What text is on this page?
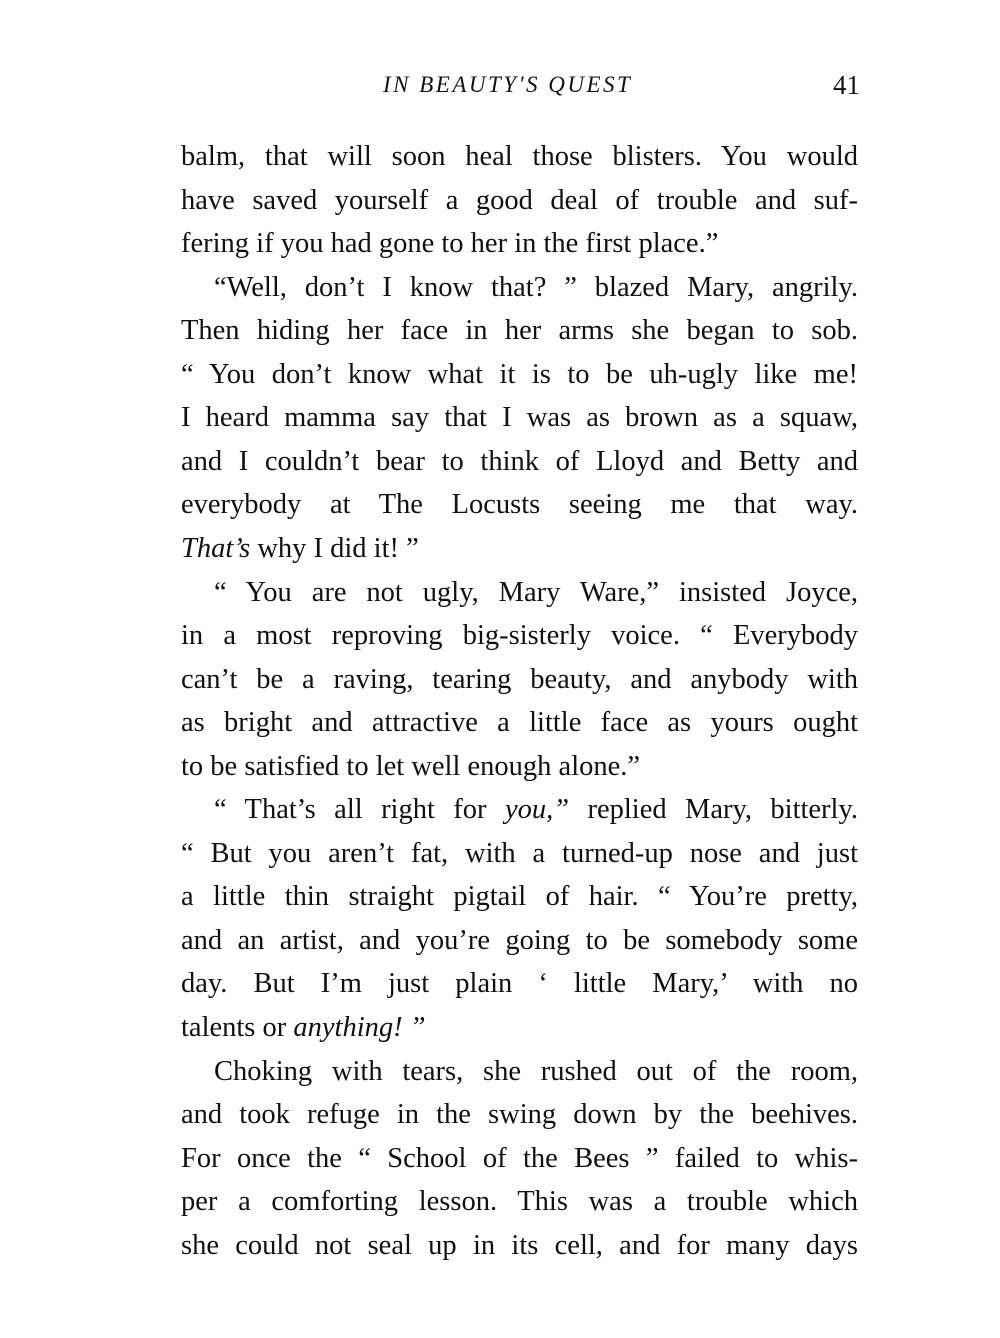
IN BEAUTY'S QUEST	41
balm, that will soon heal those blisters. You would
have saved yourself a good deal of trouble and suf-
fering if you had gone to her in the first place.”
“Well, don’t I know that? ” blazed Mary, angrily.
Then hiding her face in her arms she began to sob.
“ You don’t know what it is to be uh-ugly like me!
I heard mamma say that I was as brown as a squaw,
and I couldn’t bear to think of Lloyd and Betty and
everybody at The Locusts seeing me that way.
That’s why I did it! ”
“ You are not ugly, Mary Ware,” insisted Joyce,
in a most reproving big-sisterly voice. “ Everybody
can’t be a raving, tearing beauty, and anybody with
as bright and attractive a little face as yours ought
to be satisfied to let well enough alone.”
“ That’s all right for you,” replied Mary, bitterly.
“ But you aren’t fat, with a turned-up nose and just
a little thin straight pigtail of hair. “ You’re pretty,
and an artist, and you’re going to be somebody some
day. But I’m just plain ‘ little Mary,’ with no
talents or anything! ”
Choking with tears, she rushed out of the room,
and took refuge in the swing down by the beehives.
For once the “ School of the Bees ” failed to whis-
per a comforting lesson. This was a trouble which
she could not seal up in its cell, and for many days
